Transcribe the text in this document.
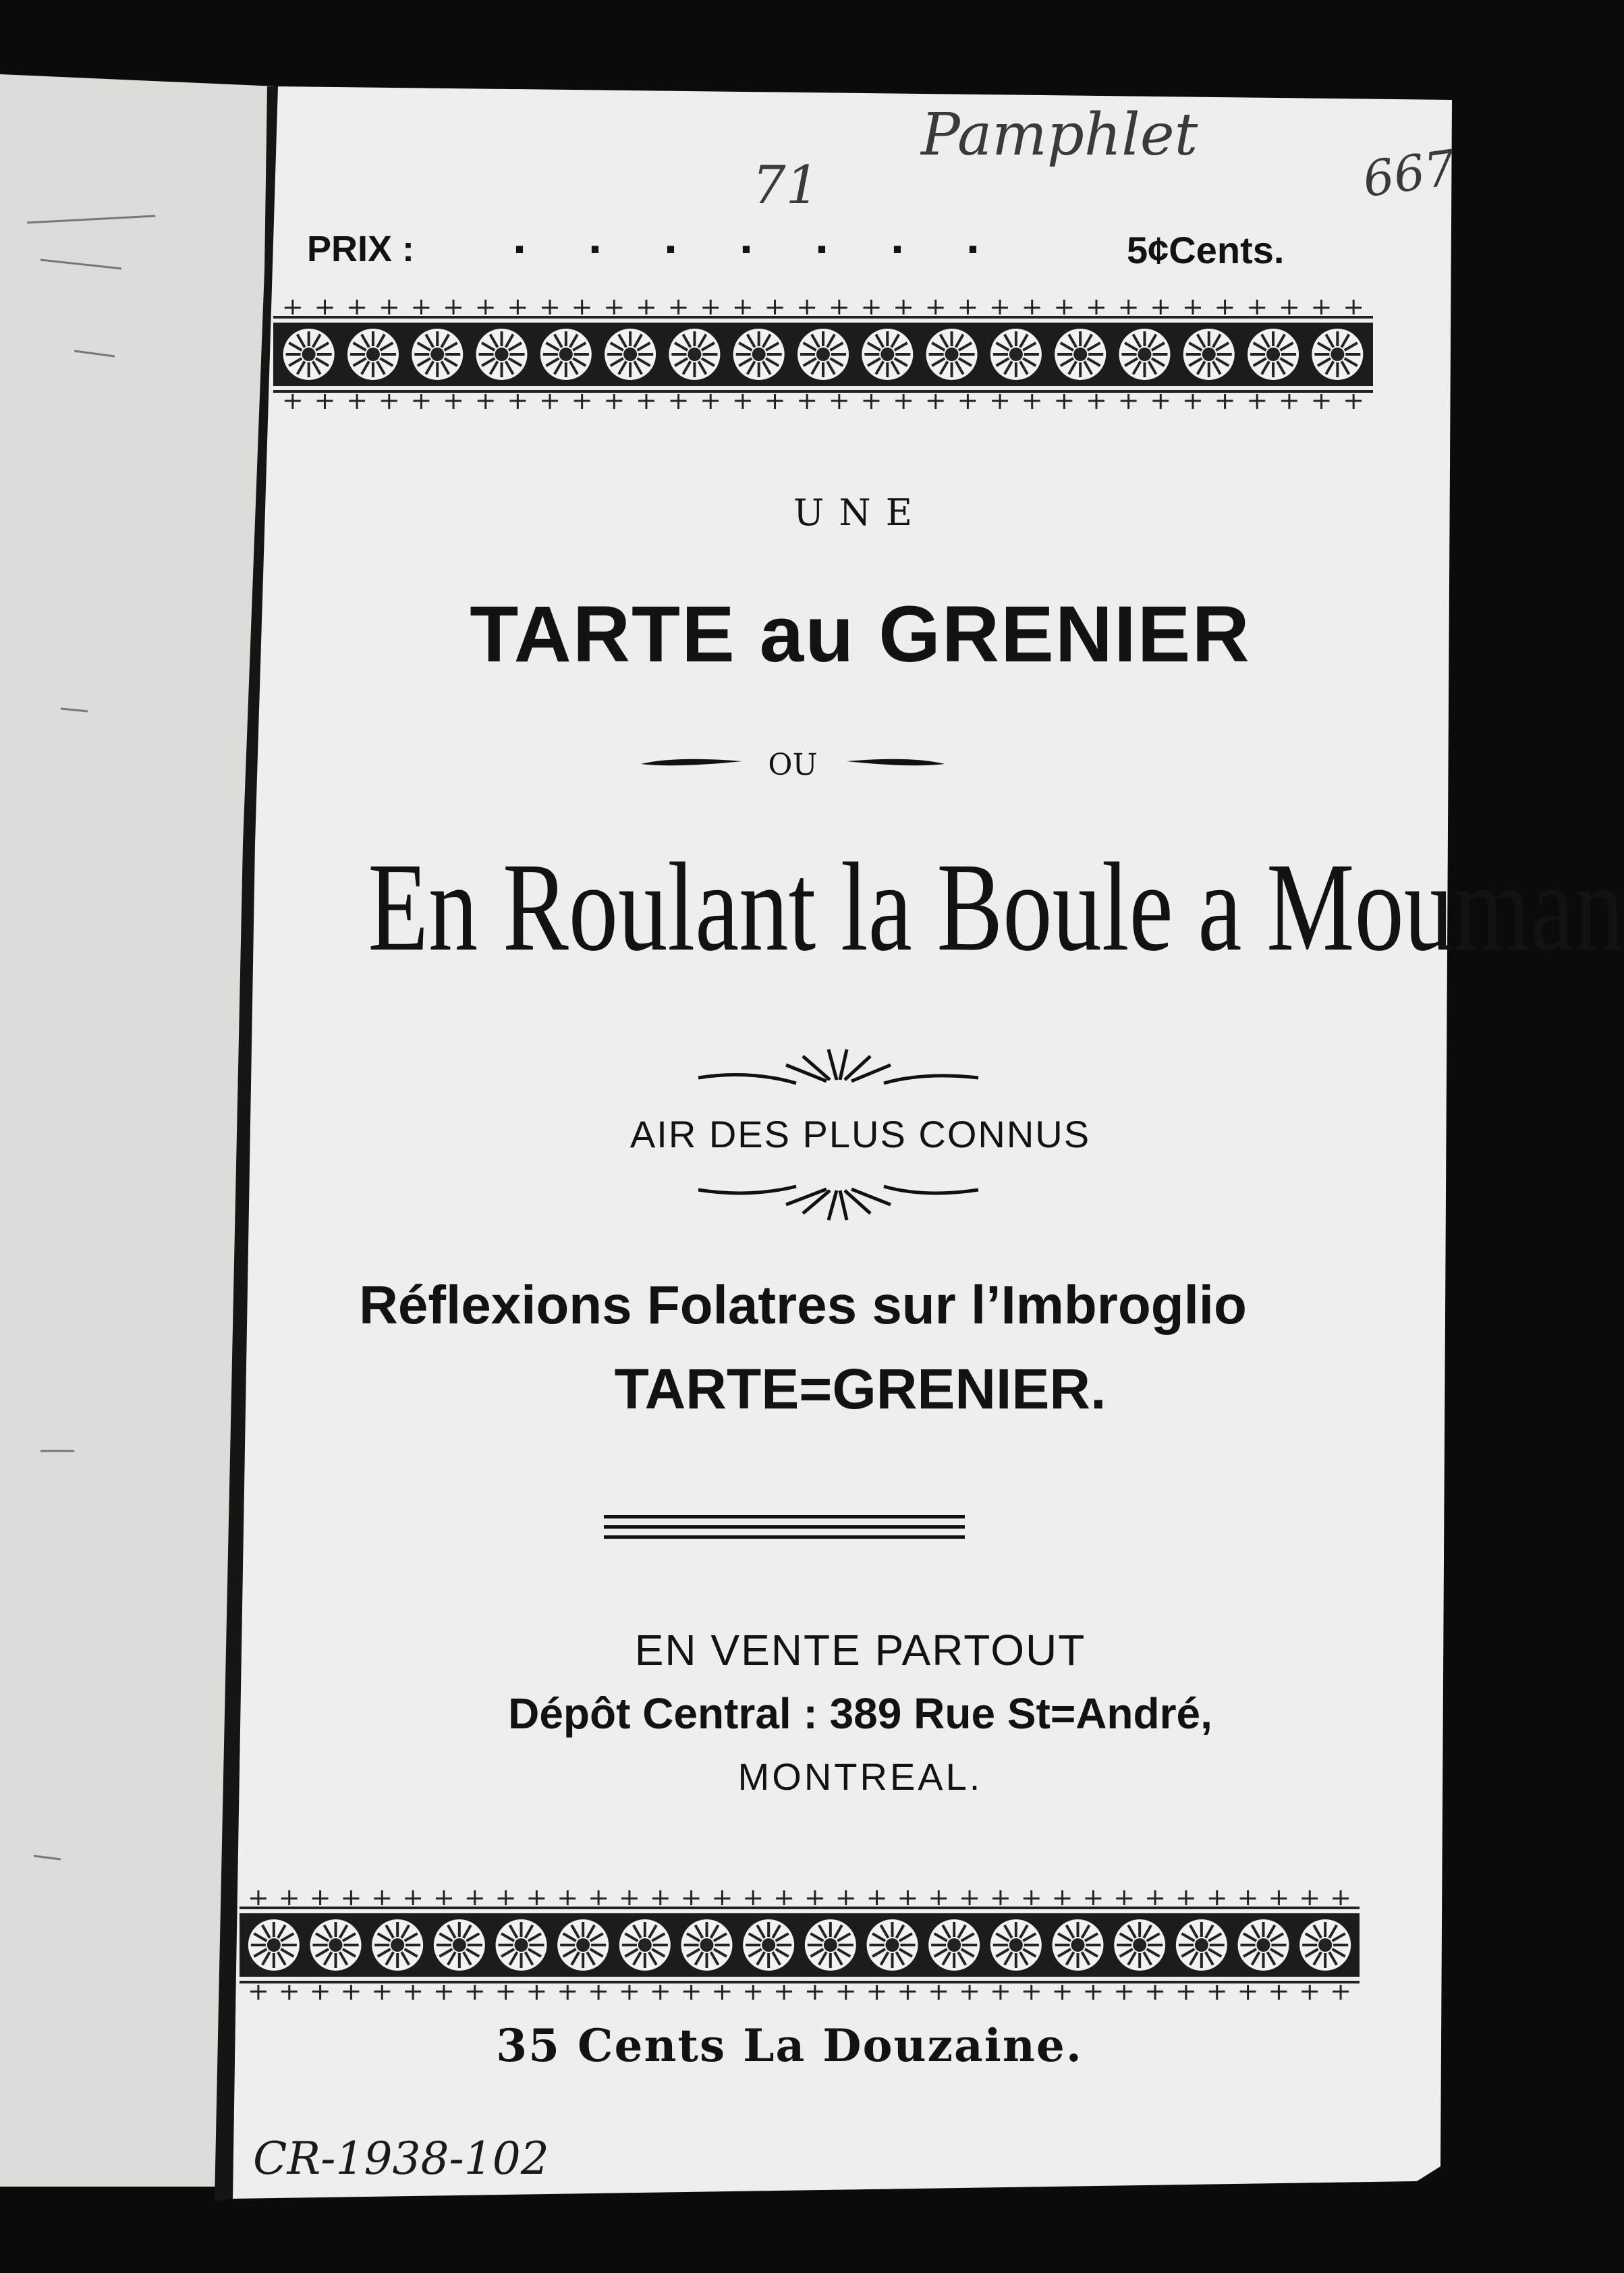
71
Pamphlet
667
CR-1938-102
PRIX : . . . . . . .	5¢Cents.
UNE
TARTE au GRENIER
OU
En Roulant la Boule a Mouman
AIR DES PLUS CONNUS
Réflexions Folatres sur l’Imbroglio
TARTE=GRENIER.
EN VENTE PARTOUT
Dépôt Central : 389 Rue St=André,
MONTREAL.
35 Cents La Douzaine.
